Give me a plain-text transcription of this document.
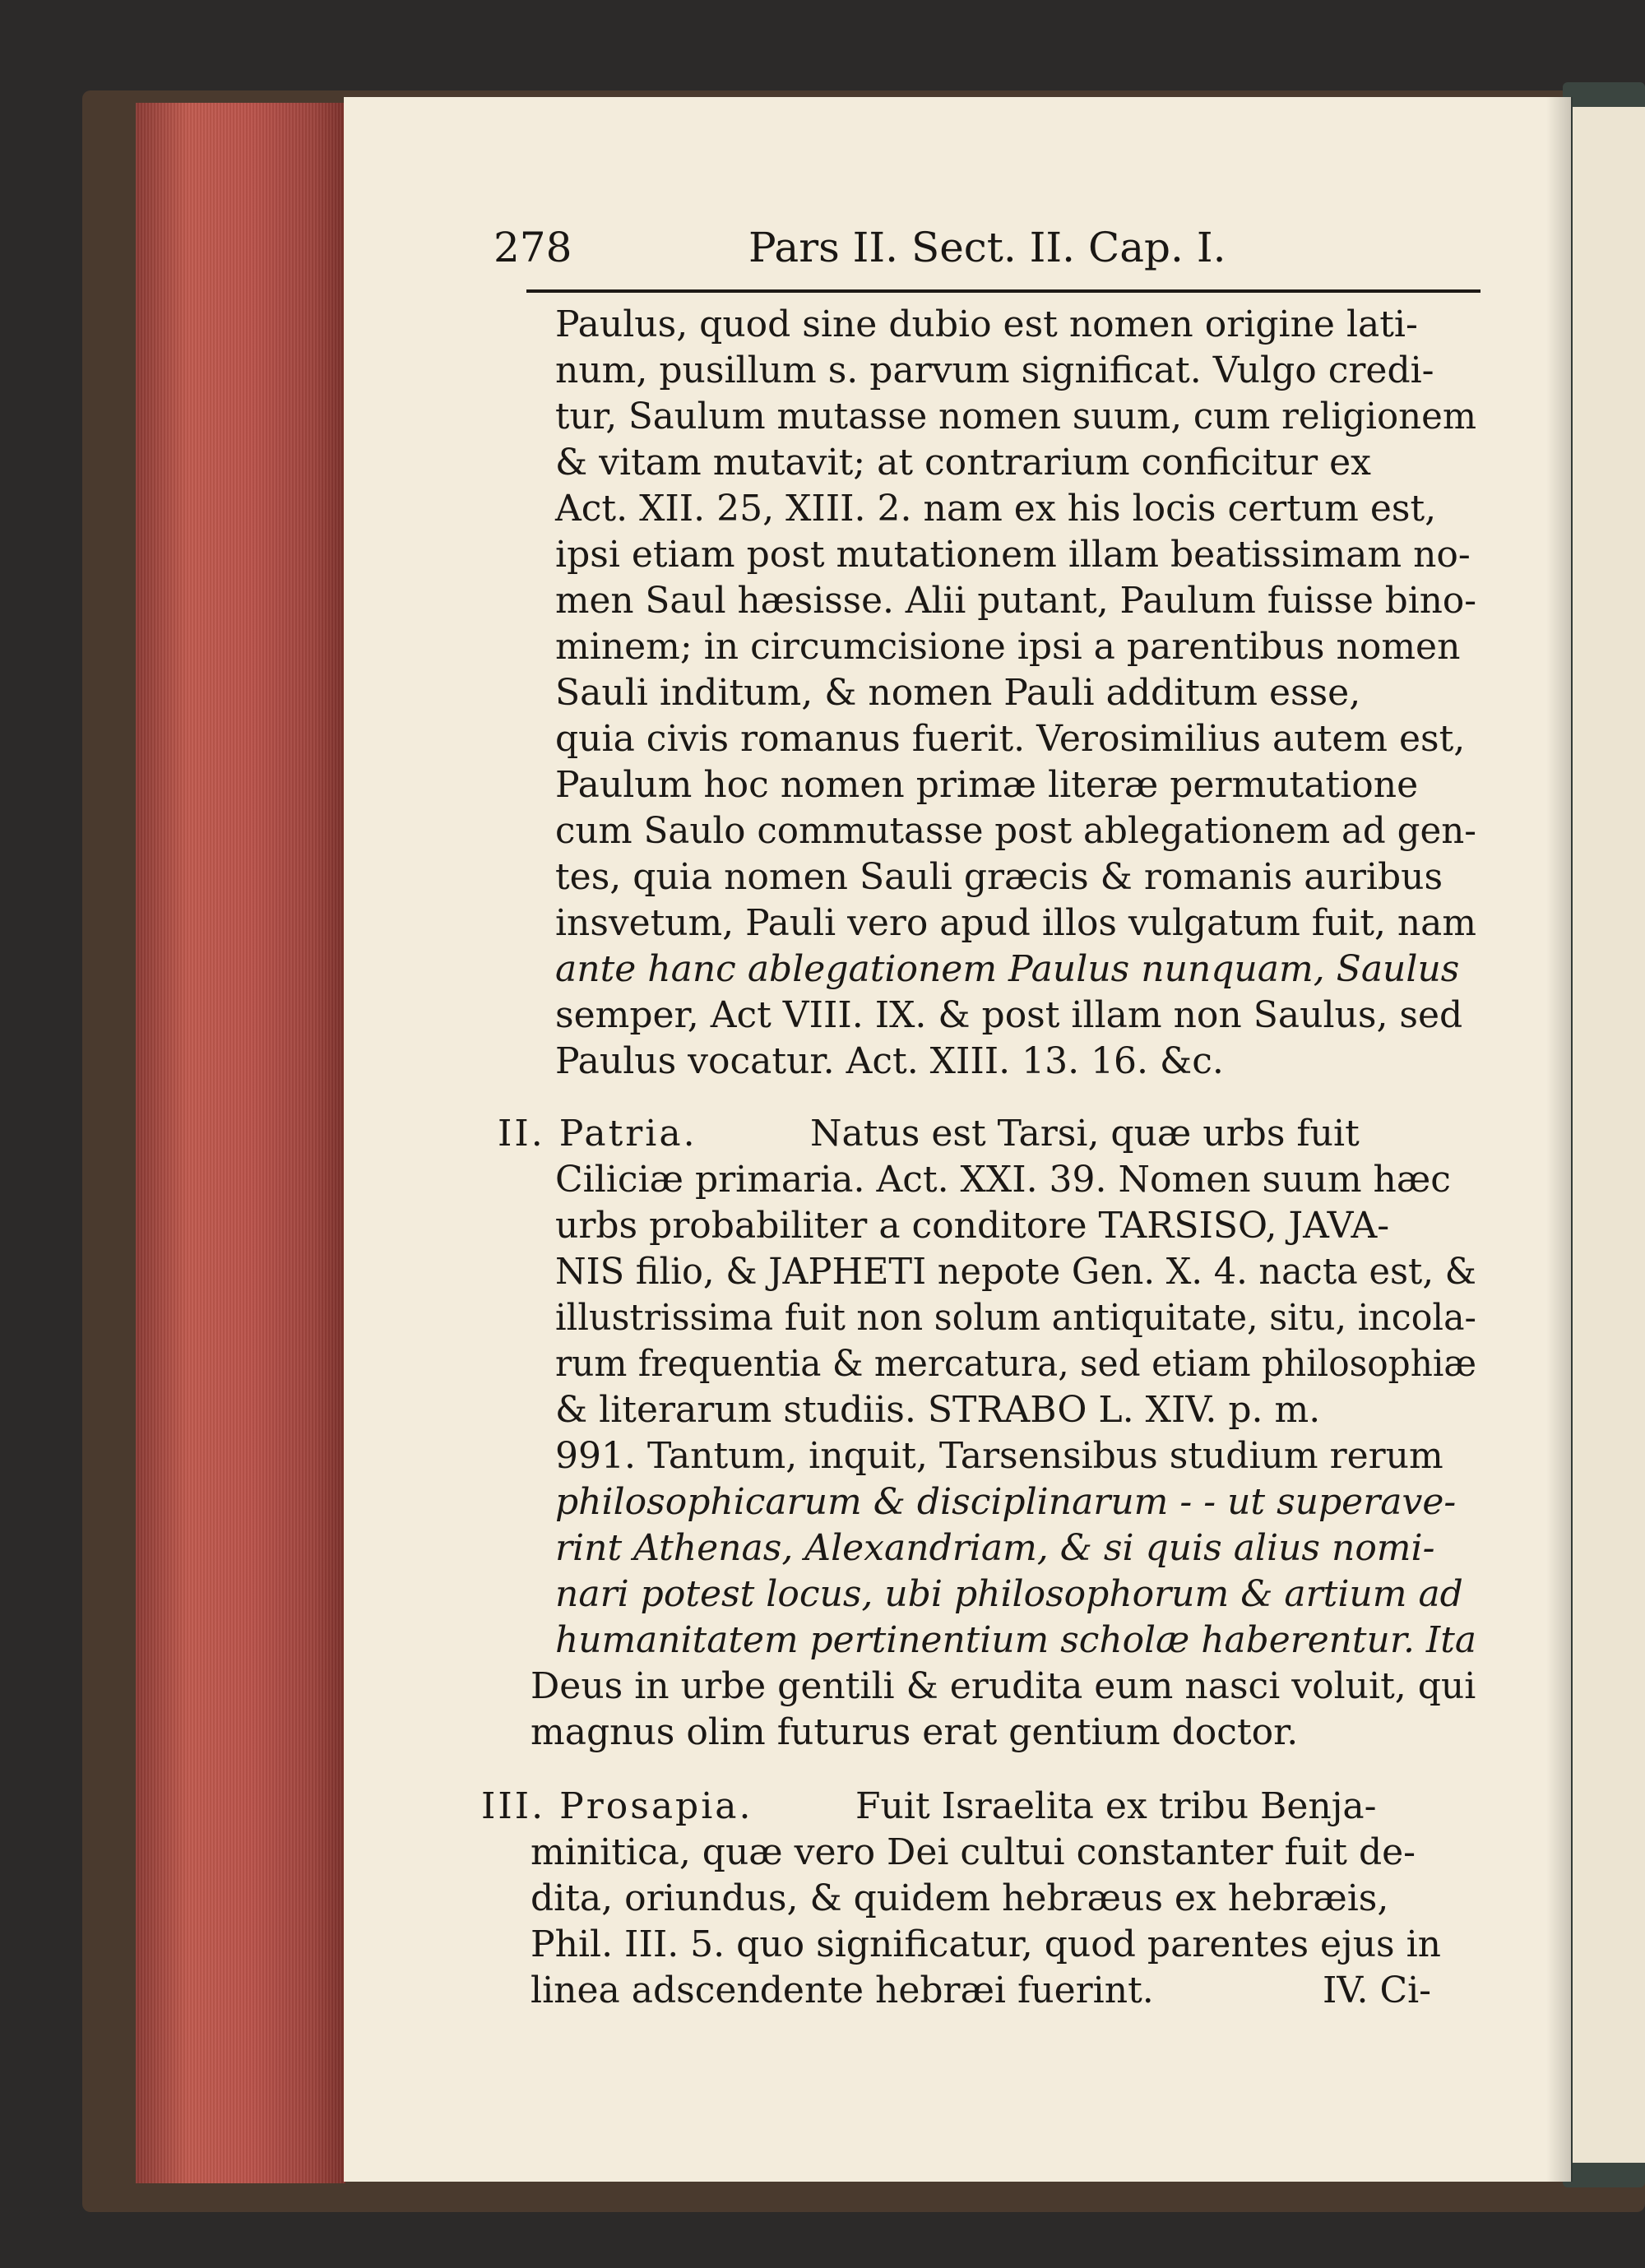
278	Pars II. Sect. II. Cap. I.
Paulus, quod sine dubio est nomen origine lati-
num, pusillum s. parvum significat. Vulgo credi-
tur, Saulum mutasse nomen suum, cum religionem
& vitam mutavit; at contrarium conficitur ex
Act. XII. 25, XIII. 2. nam ex his locis certum est,
ipsi etiam post mutationem illam beatissimam no-
men Saul hæsisse. Alii putant, Paulum fuisse bino-
minem; in circumcisione ipsi a parentibus nomen
Sauli inditum, & nomen Pauli additum esse,
quia civis romanus fuerit. Verosimilius autem est,
Paulum hoc nomen primæ literæ permutatione
cum Saulo commutasse post ablegationem ad gen-
tes, quia nomen Sauli græcis & romanis auribus
insvetum, Pauli vero apud illos vulgatum fuit, nam
ante hanc ablegationem Paulus nunquam, Saulus
semper, Act VIII. IX. & post illam non Saulus, sed
Paulus vocatur. Act. XIII. 13. 16. &c.
II. Patria.	Natus est Tarsi, quæ urbs fuit
Ciliciæ primaria. Act. XXI. 39. Nomen suum hæc
urbs probabiliter a conditore TARSISO, JAVA-
NIS filio, & JAPHETI nepote Gen. X. 4. nacta est, &
illustrissima fuit non solum antiquitate, situ, incola-
rum frequentia & mercatura, sed etiam philosophiæ
& literarum studiis. STRABO L. XIV. p. m.
991. Tantum, inquit, Tarsensibus studium rerum
philosophicarum & disciplinarum - - ut superave-
rint Athenas, Alexandriam, & si quis alius nomi-
nari potest locus, ubi philosophorum & artium ad
humanitatem pertinentium scholæ haberentur. Ita
Deus in urbe gentili & erudita eum nasci voluit, qui
magnus olim futurus erat gentium doctor.
III. Prosapia.	Fuit Israelita ex tribu Benja-
minitica, quæ vero Dei cultui constanter fuit de-
dita, oriundus, & quidem hebræus ex hebræis,
Phil. III. 5. quo significatur, quod parentes ejus in
linea adscendente hebræi fuerint.	IV. Ci-
